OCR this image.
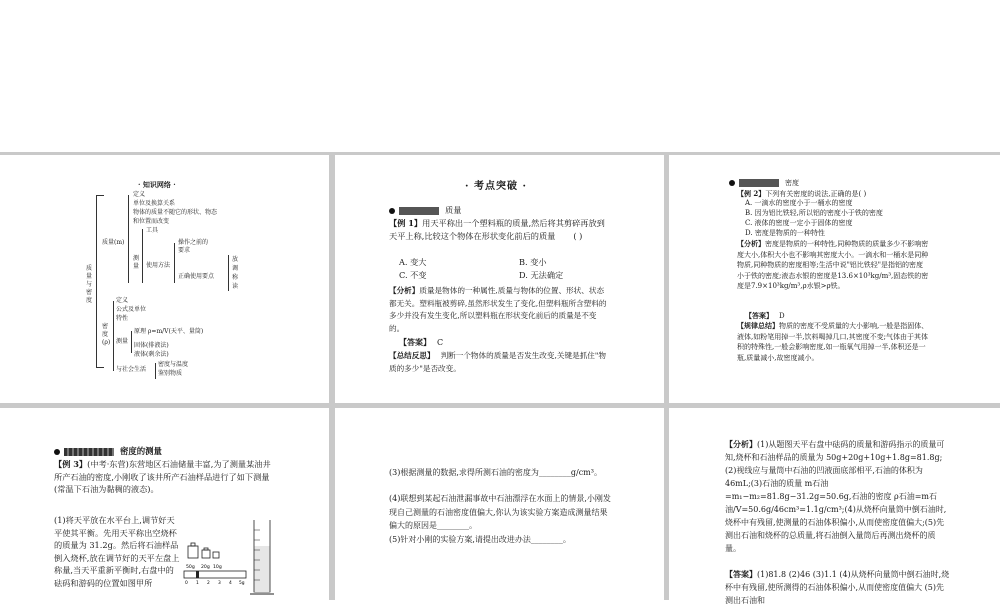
· 知识网络 ·
质量与密度
质量(m)
定义
单位及换算关系
物体的质量不随它的形状、物态
和位置而改变
测量
工具
使用方法
操作之前的要求
正确使用要点
放 调 称 读
密度(ρ)
定义
公式及单位
特性
测量
原理 ρ=m/V(天平、量筒)
固体(排液法)
液体(剩余法)
与社会生活
密度与温度
鉴别物质
· 考点突破 ·
质量
【例 1】用天平称出一个塑料瓶的质量,然后将其剪碎再放到天平上称,比较这个物体在形状变化前后的质量 ( )
A. 变大	B. 变小
C. 不变	D. 无法确定
【分析】质量是物体的一种属性,质量与物体的位置、形状、状态都无关。塑料瓶被剪碎,虽然形状发生了变化,但塑料瓶所含塑料的多少并没有发生变化,所以塑料瓶在形状变化前后的质量是不变的。
【答案】 C
【总结反思】 判断一个物体的质量是否发生改变,关键是抓住"物质的多少"是否改变。
密度
【例 2】下列有关密度的说法,正确的是( )
A. 一滴水的密度小于一桶水的密度
B. 因为铝比铁轻,所以铝的密度小于铁的密度
C. 液体的密度一定小于固体的密度
D. 密度是物质的一种特性
【分析】密度是物质的一种特性,同种物质的质量多少不影响密度大小,体积大小也不影响其密度大小。一滴水和一桶水是同种物质,同种物质的密度相等;生活中说"铝比铁轻"是指铝的密度小于铁的密度;液态水银的密度是13.6×10³kg/m³,固态铁的密度是7.9×10³kg/m³,ρ水银>ρ铁。
【答案】 D
【规律总结】物质的密度不受质量的大小影响,一般是指固体、液体,如粉笔用掉一半,饮料喝掉几口,其密度不变;气体由于其体积的特殊性,一般会影响密度,如一瓶氧气用掉一半,体积还是一瓶,质量减小,故密度减小。
密度的测量
【例 3】(中考·东营)东营地区石油储量丰富,为了测量某油井所产石油的密度,小刚收了该井所产石油样品进行了如下测量(常温下石油为黏稠的液态)。
(1)将天平放在水平台上,调节好天平使其平衡。先用天平称出空烧杯的质量为 31.2g。然后将石油样品倒入烧杯,放在调节好的天平左盘上称量,当天平重新平衡时,右盘中的砝码和游码的位置如图甲所
50g 20g 10g
0 1 2 3 4 5g
(3)根据测量的数据,求得所测石油的密度为________g/cm³。
(4)联想到某起石油泄漏事故中石油漂浮在水面上的情景,小刚发现自己测量的石油密度值偏大,你认为该实验方案造成测量结果偏大的原因是________。
(5)针对小刚的实验方案,请提出改进办法________。
【分析】(1)从题图天平右盘中砝码的质量和游码指示的质量可知,烧杯和石油样品的质量为 50g+20g+10g+1.8g=81.8g;(2)视线应与量筒中石油的凹液面底部相平,石油的体积为 46mL;(3)石油的质量 m石油=m₁−m₂=81.8g−31.2g=50.6g,石油的密度 ρ石油=m石油/V=50.6g/46cm³=1.1g/cm³;(4)从烧杯向量筒中倒石油时,烧杯中有残留,使测量的石油体积偏小,从而使密度值偏大;(5)先测出石油和烧杯的总质量,将石油倒入量筒后再测出烧杯的质量。
【答案】(1)81.8 (2)46 (3)1.1 (4)从烧杯向量筒中倒石油时,烧杯中有残留,使所测得的石油体积偏小,从而使密度值偏大 (5)先测出石油和
